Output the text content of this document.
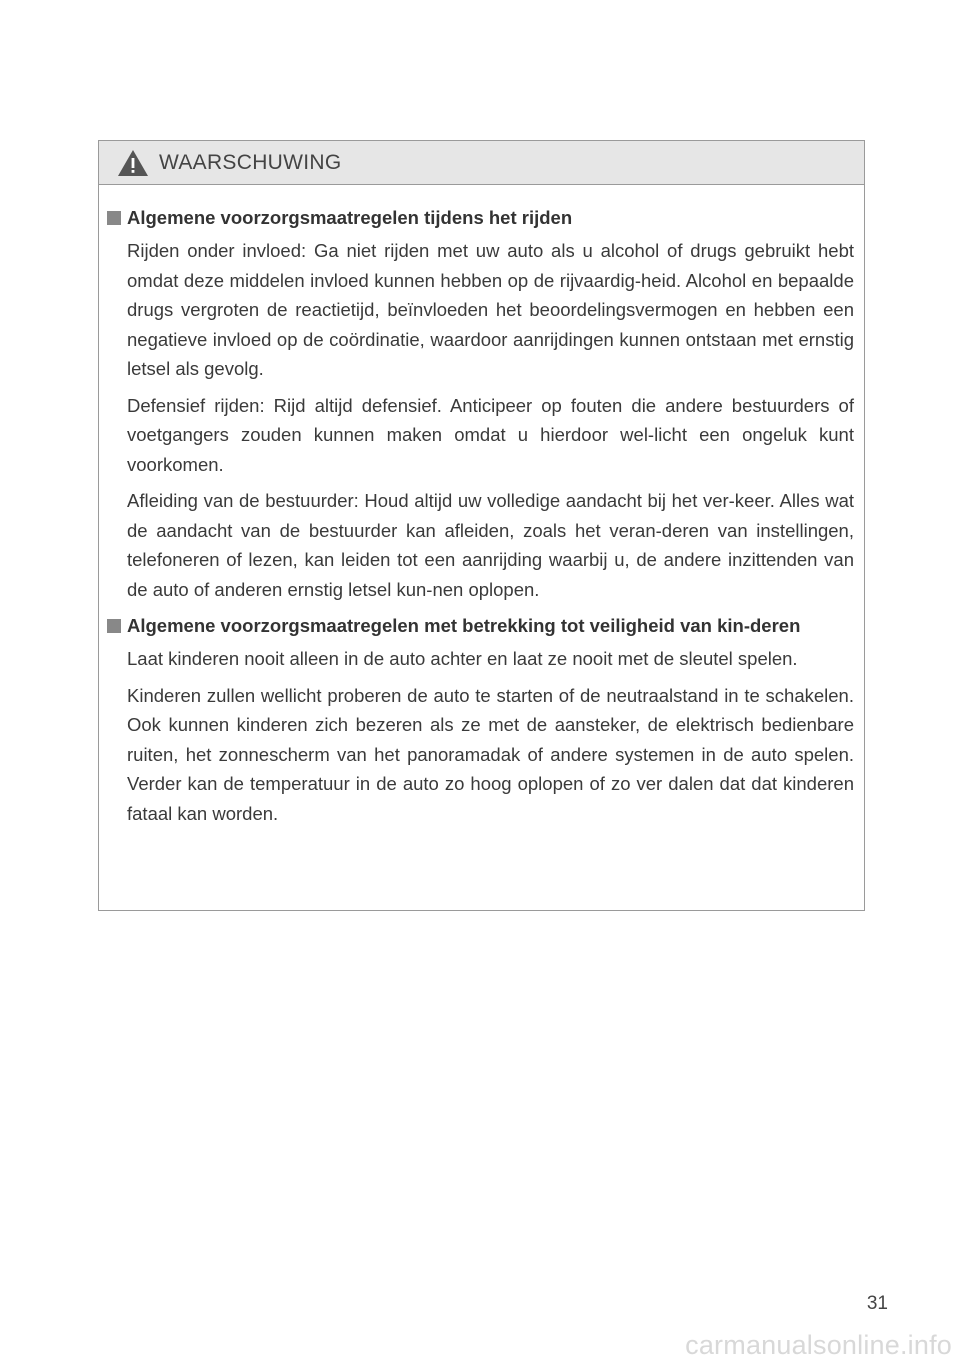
WAARSCHUWING
Algemene voorzorgsmaatregelen tijdens het rijden

Rijden onder invloed: Ga niet rijden met uw auto als u alcohol of drugs gebruikt hebt omdat deze middelen invloed kunnen hebben op de rijvaardig-heid. Alcohol en bepaalde drugs vergroten de reactietijd, beïnvloeden het beoordelingsvermogen en hebben een negatieve invloed op de coördinatie, waardoor aanrijdingen kunnen ontstaan met ernstig letsel als gevolg.

Defensief rijden: Rijd altijd defensief. Anticipeer op fouten die andere bestuurders of voetgangers zouden kunnen maken omdat u hierdoor wel-licht een ongeluk kunt voorkomen.

Afleiding van de bestuurder: Houd altijd uw volledige aandacht bij het ver-keer. Alles wat de aandacht van de bestuurder kan afleiden, zoals het veran-deren van instellingen, telefoneren of lezen, kan leiden tot een aanrijding waarbij u, de andere inzittenden van de auto of anderen ernstig letsel kun-nen oplopen.

Algemene voorzorgsmaatregelen met betrekking tot veiligheid van kin-deren

Laat kinderen nooit alleen in de auto achter en laat ze nooit met de sleutel spelen.

Kinderen zullen wellicht proberen de auto te starten of de neutraalstand in te schakelen. Ook kunnen kinderen zich bezeren als ze met de aansteker, de elektrisch bedienbare ruiten, het zonnescherm van het panoramadak of andere systemen in de auto spelen. Verder kan de temperatuur in de auto zo hoog oplopen of zo ver dalen dat dat kinderen fataal kan worden.

31
carmanualsonline.info
